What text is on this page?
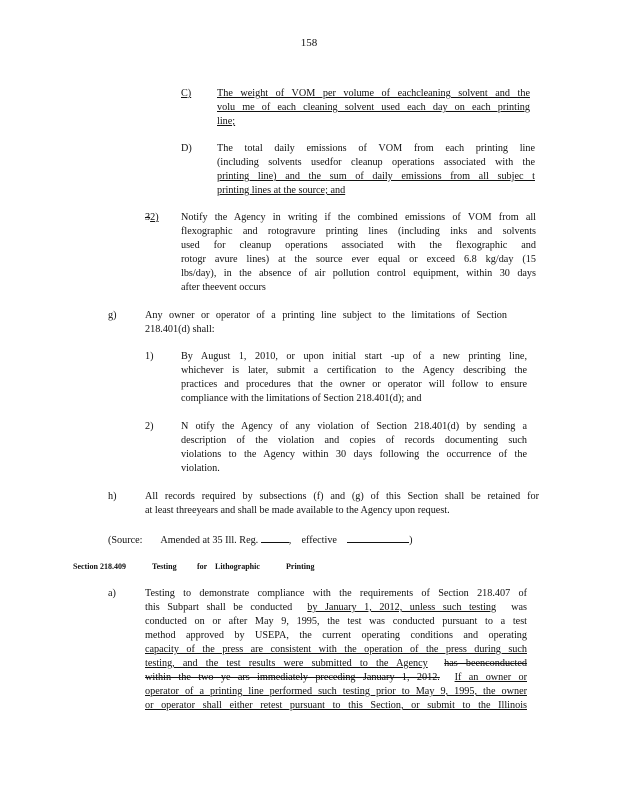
158
C)	The weight of VOM per volume of eachcleaning solvent and the
volu me of each cleaning solvent used each day on each printing
line;
D) The total daily emissions of VOM from each printing line
(including solvents usedfor cleanup operations associated with the
printing line) and the sum of daily emissions from all subjec t
printing lines at the source; and
32) Notify the Agency in writing if the combined emissions of VOM from all
flexographic and rotogravure printing lines (including inks and solvents
used for cleanup operations associated with the flexographic and
rotogr avure lines) at the source ever equal or exceed 6.8 kg/day (15
lbs/day), in the absence of air pollution control equipment, within 30 days
after theevent occurs
g)	Any owner or operator of a printing line subject to the limitations of Section
218.401(d) shall:
1)	By August 1, 2010, or upon initial start -up of a new printing line,
whichever is later, submit a certification to the Agency describing the
practices and procedures that the owner or operator will follow to ensure
compliance with the limitations of Section 218.401(d); and
2)	N otify the Agency of any violation of Section 218.401(d) by sending a
description of the violation and copies of records documenting such
violations to the Agency within 30 days following the occurrence of the
violation.
h)	All records required by subsections (f) and (g) of this Section shall be retained for
at least threeyears and shall be made available to the Agency upon request.
(Source: Amended at 35 Ill. Reg.	, effective	)
Section 218.409	Testing	for Lithographic	Printing
a)	Testing to demonstrate compliance with the requirements of Section 218.407 of
this Subpart shall be conducted by January 1, 2012, unless such testing was
conducted on or after May 9, 1995, the test was conducted pursuant to a test
method approved by USEPA, the current operating conditions and operating
capacity of the press are consistent with the operation of the press during such
testing, and the test results were submitted to the Agency has beenconducted
within the two ye ars immediately preceding January 1, 2012. If an owner or
operator of a printing line performed such testing prior to May 9, 1995, the owner
or operator shall either retest pursuant to this Section, or submit to the Illinois
